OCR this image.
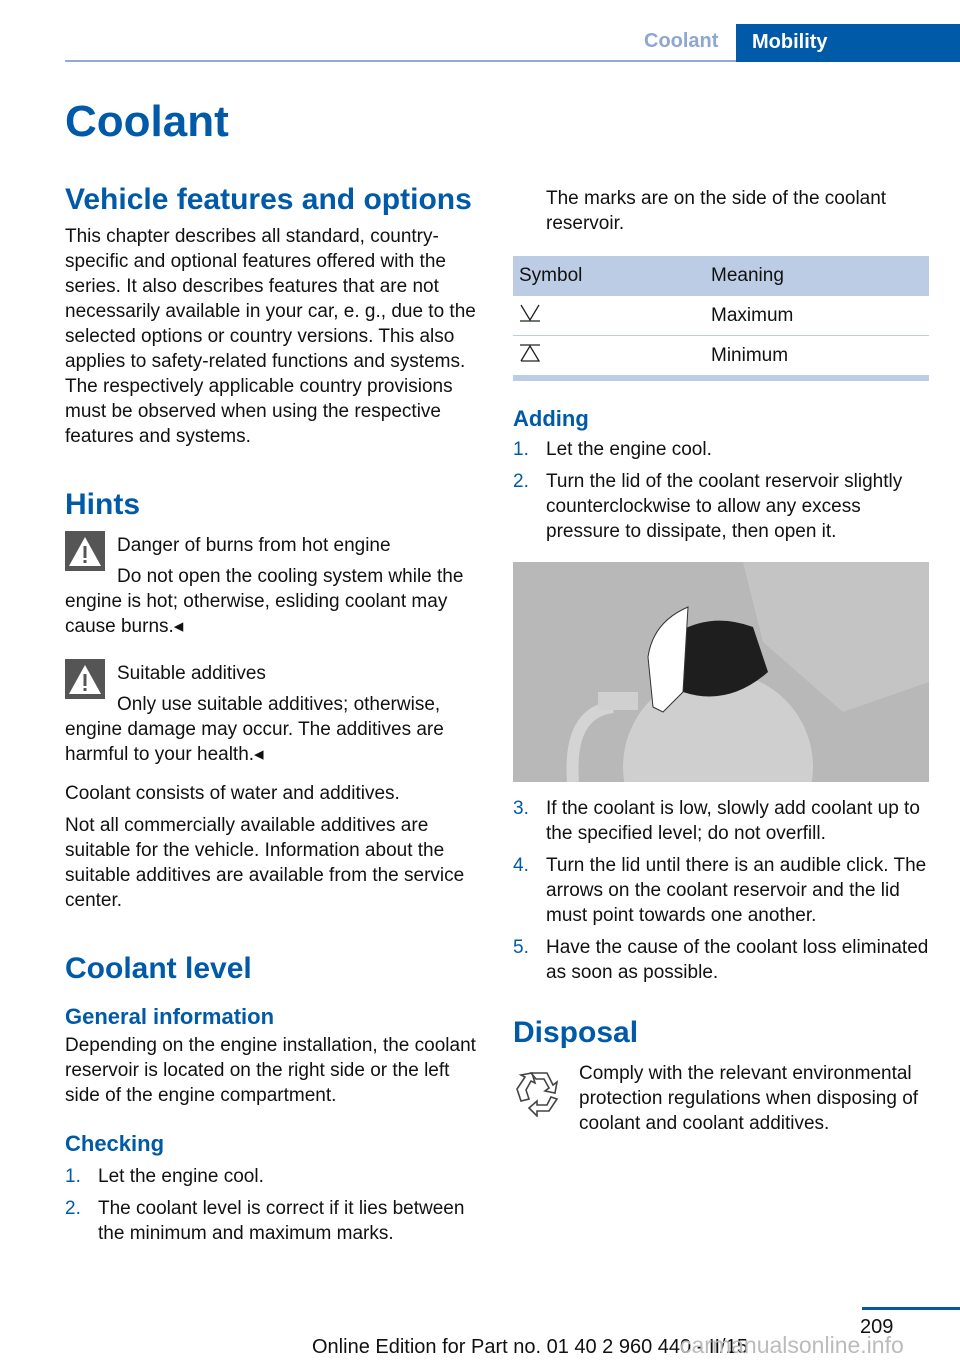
Coolant Mobility
Coolant
Vehicle features and options

This chapter describes all standard, country-specific and optional features offered with the series. It also describes features that are not necessarily available in your car, e. g., due to the selected options or country versions. This also applies to safety-related functions and systems. The respectively applicable country provisions must be observed when using the respective features and systems.

Hints

Danger of burns from hot engine

Do not open the cooling system while the engine is hot; otherwise, esliding coolant may cause burns.◂

Suitable additives

Only use suitable additives; otherwise, engine damage may occur. The additives are harmful to your health.◂

Coolant consists of water and additives.

Not all commercially available additives are suitable for the vehicle. Information about the suitable additives are available from the service center.

Coolant level
General information

Depending on the engine installation, the coolant reservoir is located on the right side or the left side of the engine compartment.

Checking
1. Let the engine cool.
2. The coolant level is correct if it lies between the minimum and maximum marks.

The marks are on the side of the coolant reservoir.

Symbol	Meaning
	Maximum
	Minimum
Adding
1. Let the engine cool.
2. Turn the lid of the coolant reservoir slightly counterclockwise to allow any excess pressure to dissipate, then open it.
3. If the coolant is low, slowly add coolant up to the specified level; do not overfill.
4. Turn the lid until there is an audible click. The arrows on the coolant reservoir and the lid must point towards one another.
5. Have the cause of the coolant loss eliminated as soon as possible.
Disposal

Comply with the relevant environmental protection regulations when disposing of coolant and coolant additives.

209
Online Edition for Part no. 01 40 2 960 440 - II/15
carmanualsonline.info
